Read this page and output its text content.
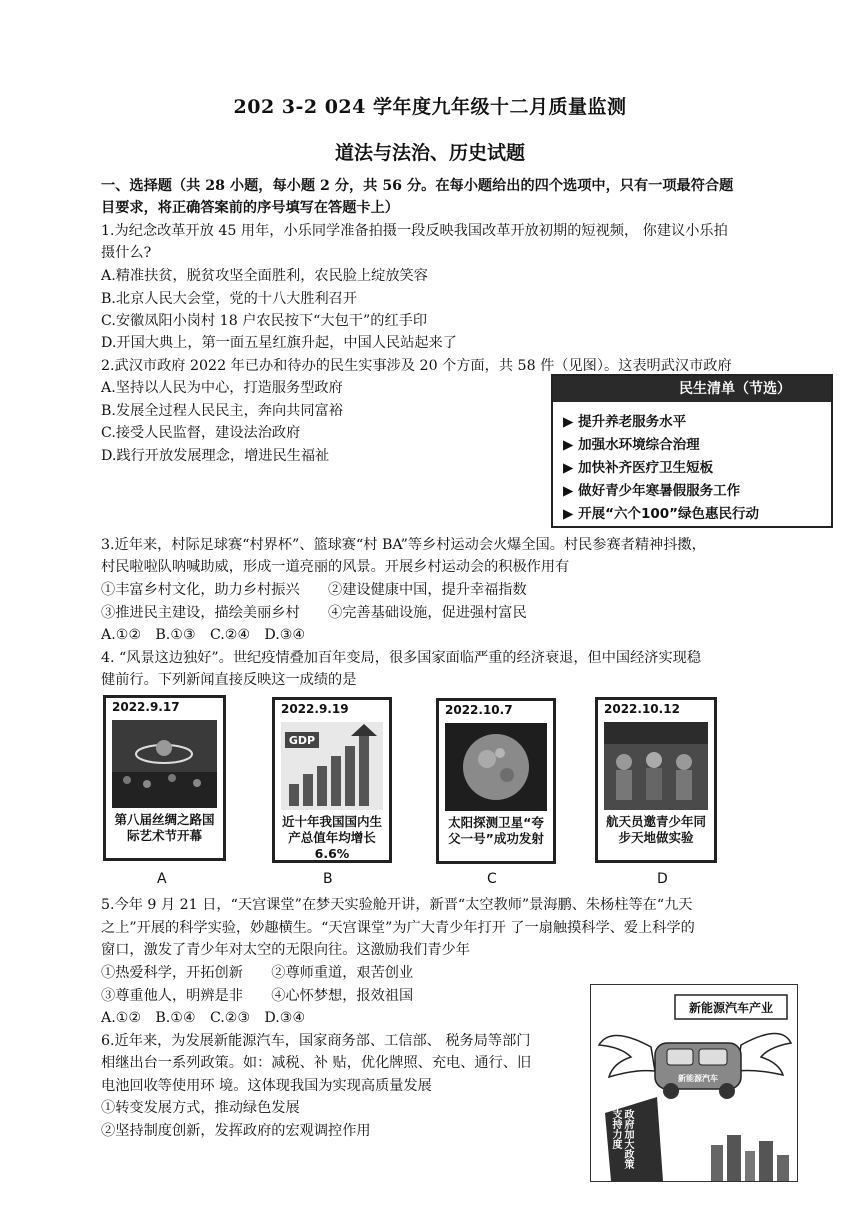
202 3-2 024 学年度九年级十二月质量监测
道法与法治、历史试题
一、选择题（共 28 小题，每小题 2 分，共 56 分。在每小题给出的四个选项中，只有一项最符合题
目要求，将正确答案前的序号填写在答题卡上）
1.为纪念改革开放 45 用年，小乐同学准备拍摄一段反映我国改革开放初期的短视频， 你建议小乐拍
摄什么?
A.精准扶贫，脱贫攻坚全面胜利，农民脸上绽放笑容
B.北京人民大会堂，党的十八大胜利召开
C.安徽凤阳小岗村 18 户农民按下“大包干”的红手印
D.开国大典上，第一面五星红旗升起，中国人民站起来了
2.武汉市政府 2022 年已办和待办的民生实事涉及 20 个方面，共 58 件（见图）。这表明武汉市政府
A.坚持以人民为中心，打造服务型政府
B.发展全过程人民民主，奔向共同富裕
C.接受人民监督，建设法治政府
D.践行开放发展理念，增进民生福祉
民生清单（节选）
▶ 提升养老服务水平
▶ 加强水环境综合治理
▶ 加快补齐医疗卫生短板
▶ 做好青少年寒暑假服务工作
▶ 开展“六个100”绿色惠民行动
3.近年来，村际足球赛“村界杯”、篮球赛“村 BA”等乡村运动会火爆全国。村民参赛者精神抖擞，
村民啦啦队呐喊助威，形成一道亮丽的风景。开展乡村运动会的积极作用有
①丰富乡村文化，助力乡村振兴　　②建设健康中国，提升幸福指数
③推进民主建设，描绘美丽乡村　　④完善基础设施，促进强村富民
A.①②　B.①③　C.②④　D.③④
4. “风景这边独好”。世纪疫情叠加百年变局，很多国家面临严重的经济衰退，但中国经济实现稳
健前行。下列新闻直接反映这一成绩的是
2022.9.17
第八届丝绸之路国际艺术节开幕
A
2022.9.19
GDP
近十年我国国内生产总值年均增长6.6%
B
2022.10.7
太阳探测卫星“夸父一号”成功发射
C
2022.10.12
航天员邀青少年同步天地做实验
D
5.今年 9 月 21 日，“天宫课堂”在梦天实验舱开讲，新晋“太空教师”景海鹏、朱杨柱等在“九天
之上”开展的科学实验，妙趣横生。“天宫课堂”为广大青少年打开 了一扇触摸科学、爱上科学的
窗口，激发了青少年对太空的无限向往。这激励我们青少年
①热爱科学，开拓创新　　②尊师重道，艰苦创业
③尊重他人，明辨是非　　④心怀梦想，报效祖国
A.①②　B.①④　C.②③　D.③④
6.近年来，为发展新能源汽车，国家商务部、工信部、 税务局等部门
相继出台一系列政策。如：减税、补 贴，优化牌照、充电、通行、旧
电池回收等使用环 境。这体现我国为实现高质量发展
①转变发展方式，推动绿色发展
②坚持制度创新，发挥政府的宏观调控作用
新能源汽车产业
新能源汽车
政府加大政策支持力度
